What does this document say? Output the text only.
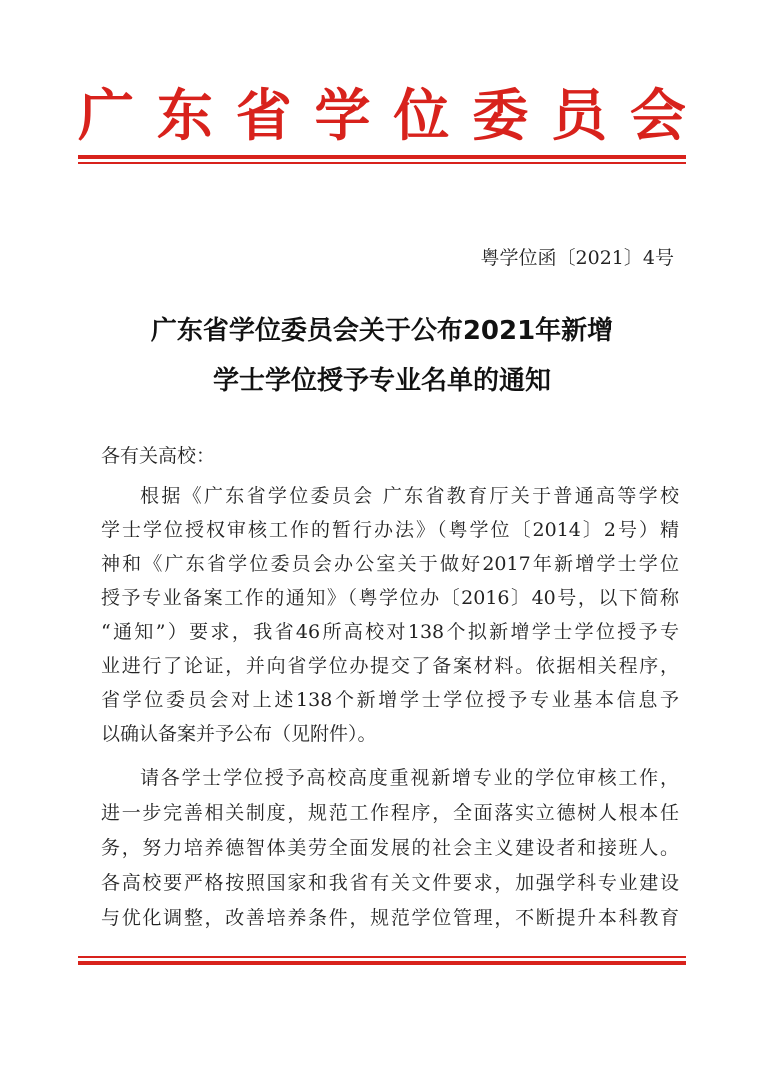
广 东 省 学 位 委 员 会
粤学位函〔2021〕4号
广东省学位委员会关于公布2021年新增
学士学位授予专业名单的通知
各有关高校：
根据《广东省学位委员会 广东省教育厅关于普通高等学校
学士学位授权审核工作的暂行办法》（粤学位〔2014〕2号）精
神和《广东省学位委员会办公室关于做好2017年新增学士学位
授予专业备案工作的通知》（粤学位办〔2016〕40号，以下简称
“通知”）要求，我省46所高校对138个拟新增学士学位授予专
业进行了论证，并向省学位办提交了备案材料。依据相关程序，
省学位委员会对上述138个新增学士学位授予专业基本信息予
以确认备案并予公布（见附件）。
请各学士学位授予高校高度重视新增专业的学位审核工作，
进一步完善相关制度，规范工作程序，全面落实立德树人根本任
务，努力培养德智体美劳全面发展的社会主义建设者和接班人。
各高校要严格按照国家和我省有关文件要求，加强学科专业建设
与优化调整，改善培养条件，规范学位管理，不断提升本科教育
